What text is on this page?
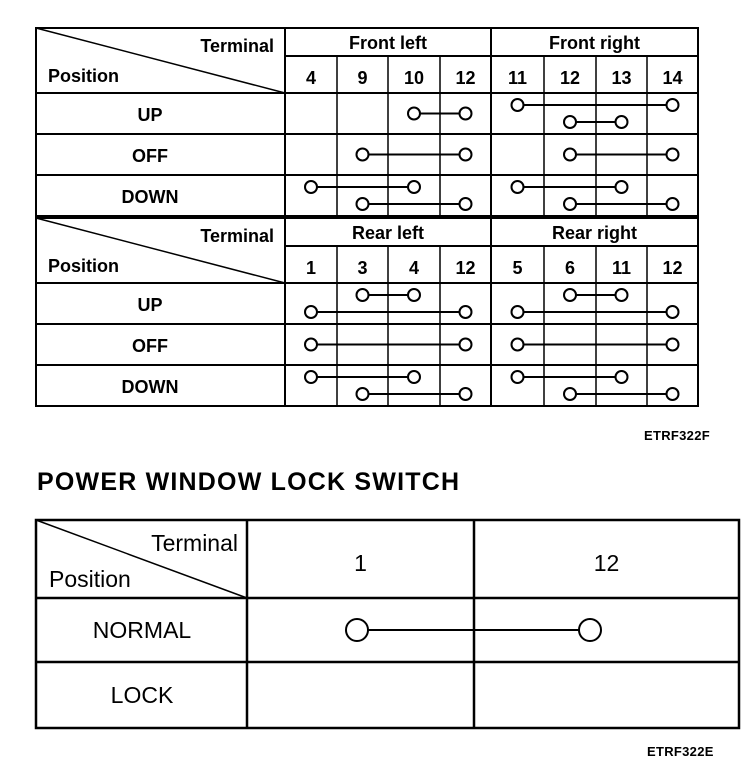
Terminal
Position
Front left	Front right
4 9 10 12 11 12 13 14
UP
OFF
DOWN
Terminal
Position
Rear left	Rear right
1 3 4 12 5 6 11 12
UP
OFF
DOWN
Terminal
Position
1	12
NORMAL
LOCK
ETRF322F
POWER WINDOW LOCK SWITCH
ETRF322E
